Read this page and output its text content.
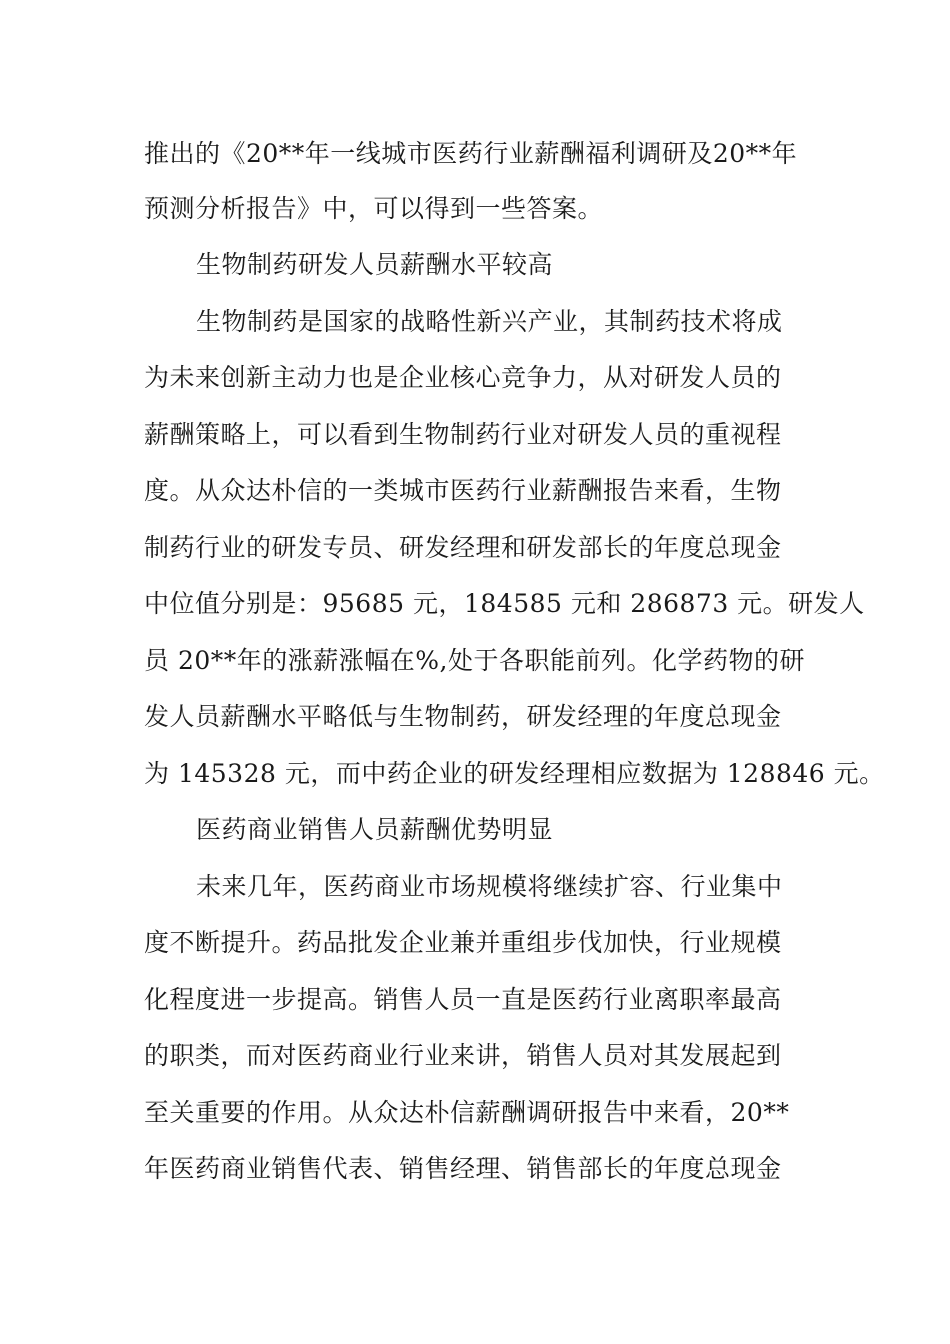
推出的《20**年一线城市医药行业薪酬福利调研及20**年
预测分析报告》中，可以得到一些答案。
生物制药研发人员薪酬水平较高
生物制药是国家的战略性新兴产业，其制药技术将成
为未来创新主动力也是企业核心竞争力，从对研发人员的
薪酬策略上，可以看到生物制药行业对研发人员的重视程
度。从众达朴信的一类城市医药行业薪酬报告来看，生物
制药行业的研发专员、研发经理和研发部长的年度总现金
中位值分别是：95685 元，184585 元和 286873 元。研发人
员 20**年的涨薪涨幅在%,处于各职能前列。化学药物的研
发人员薪酬水平略低与生物制药，研发经理的年度总现金
为 145328 元，而中药企业的研发经理相应数据为 128846 元。
医药商业销售人员薪酬优势明显
未来几年，医药商业市场规模将继续扩容、行业集中
度不断提升。药品批发企业兼并重组步伐加快，行业规模
化程度进一步提高。销售人员一直是医药行业离职率最高
的职类，而对医药商业行业来讲，销售人员对其发展起到
至关重要的作用。从众达朴信薪酬调研报告中来看，20**
年医药商业销售代表、销售经理、销售部长的年度总现金
